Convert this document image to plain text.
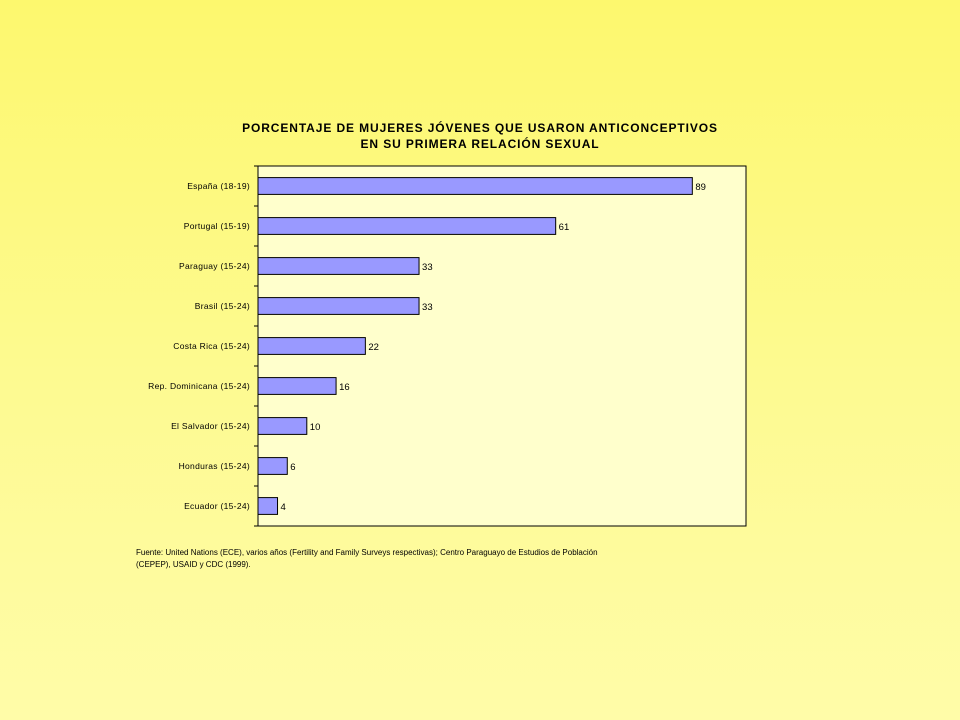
PORCENTAJE DE MUJERES JÓVENES QUE USARON ANTICONCEPTIVOS
EN SU PRIMERA RELACIÓN SEXUAL
España (18-19)
Portugal (15-19)
Paraguay (15-24)
Brasil (15-24)
Costa Rica (15-24)
Rep. Dominicana (15-24)
El Salvador (15-24)
Honduras (15-24)
Ecuador (15-24)
89
61
33
33
22
16
10
6
4
Fuente: United Nations (ECE), varios años (Fertility and Family Surveys respectivas); Centro Paraguayo de Estudios de Población
(CEPEP), USAID y CDC (1999).
